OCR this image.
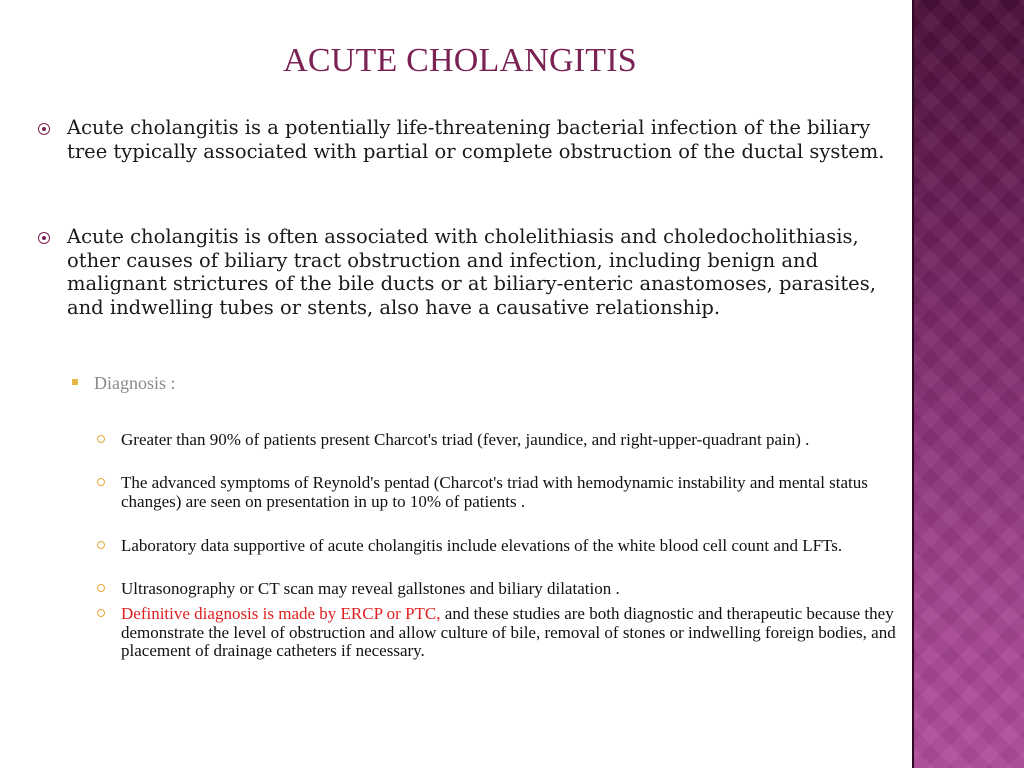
ACUTE CHOLANGITIS
Acute cholangitis is a potentially life-threatening bacterial infection of the biliary tree typically associated with partial or complete obstruction of the ductal system.
Acute cholangitis is often associated with cholelithiasis and choledocholithiasis, other causes of biliary tract obstruction and infection, including benign and malignant strictures of the bile ducts or at biliary-enteric anastomoses, parasites, and indwelling tubes or stents, also have a causative relationship.
Diagnosis :
Greater than 90% of patients present Charcot's triad (fever, jaundice, and right-upper-quadrant pain) .
The advanced symptoms of Reynold's pentad (Charcot's triad with hemodynamic instability and mental status changes) are seen on presentation in up to 10% of patients .
Laboratory data supportive of acute cholangitis include elevations of the white blood cell count and LFTs.
Ultrasonography or CT scan may reveal gallstones and biliary dilatation .
Definitive diagnosis is made by ERCP or PTC, and these studies are both diagnostic and therapeutic because they demonstrate the level of obstruction and allow culture of bile, removal of stones or indwelling foreign bodies, and placement of drainage catheters if necessary.
